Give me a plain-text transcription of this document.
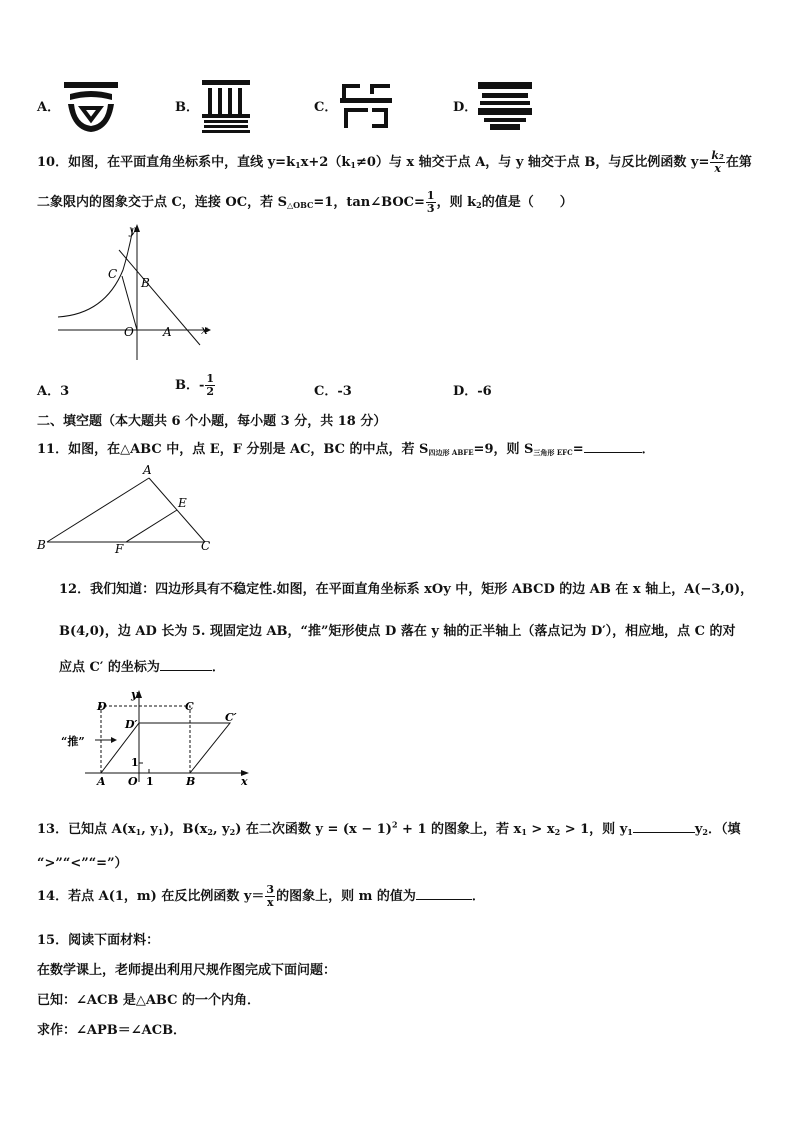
A．	B．	C．	D．
10．如图，在平面直角坐标系中，直线 $y=k_1x+2(k_1\ne 0)$与 x 轴交于点 A，与 y 轴交于点 B，与反比例函数 $y= \frac{\text{k₂}}{x}$ 在第
二象限内的图象交于点 C，连接 OC，若 $S_{\triangle OBC}=1$，tan∠BOC= $\frac{1}{3}$ ，则 $k_2$的值是（　　）
y
x
C
B
O A
A．3	B．- $\frac{1}{2}$	C．-3	D．-6
二、填空题（本大题共 6 个小题，每小题 3 分，共 18 分）
11．如图，在△ABC 中，点 E，F 分别是 AC，BC 的中点，若 $S_{四边形 ABFE}=9$，则 $S_{三角形 EFC}=$	．
A
E
B	F	C
12．我们知道：四边形具有不稳定性.如图，在平面直角坐标系 xOy 中，矩形 ABCD 的边 AB 在 x 轴上，A(−3,0)，
B(4,0)，边 AD 长为 5. 现固定边 AB，“推”矩形使点 D 落在 y 轴的正半轴上（落点记为 D′），相应地，点 C 的对
应点 C′ 的坐标为	．
y
D	C
D′
C′
“推”
1
A O 1	B	x
13．已知点 $A(x_1$, $y_1$)，$B(x_2$, $y_2$) 在二次函数 $y = (x - 1)^2 + 1$ 的图象上，若 $x_1 > x_2 > 1$，则 $y_1$	$y_2$．（填
“>”“<”“=”）
14．若点 A(1，m) 在反比例函数 $y= \frac{3}{x}$ 的图象上，则 m 的值为	．
15．阅读下面材料：
在数学课上，老师提出利用尺规作图完成下面问题：
已知：∠ACB 是△ABC 的一个内角．
求作：∠APB＝∠ACB．
